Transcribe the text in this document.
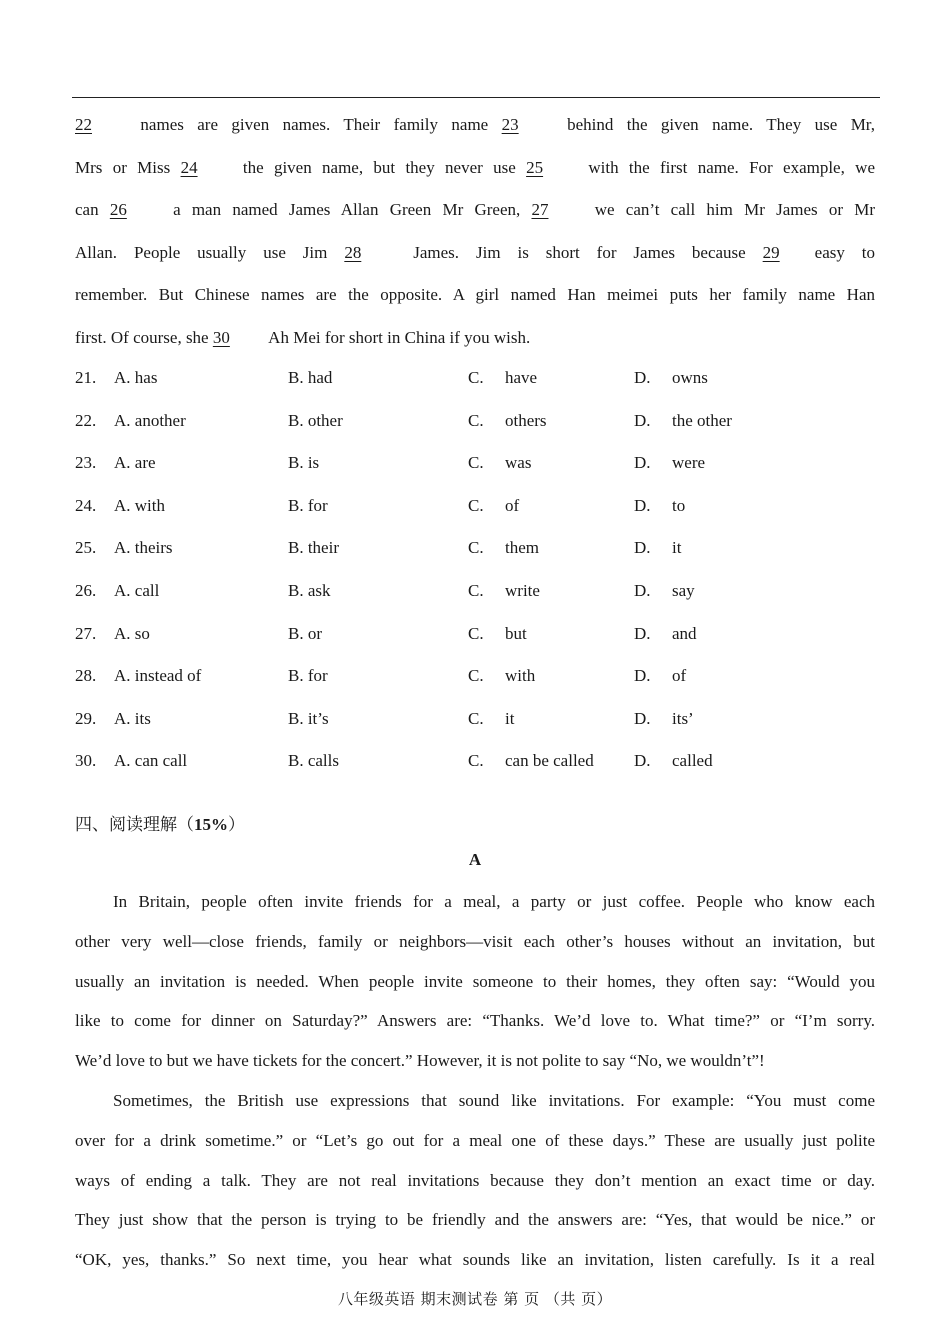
22	names are given names. Their family name 23	behind the given name. They use Mr,
Mrs or Miss 24	the given name, but they never use 25	with the first name. For example, we
can 26	a man named James Allan Green Mr Green, 27	we can’t call him Mr James or Mr
Allan. People usually use Jim 28	James. Jim is short for James because 29 easy to
remember. But Chinese names are the opposite. A girl named Han meimei puts her family name Han
first. Of course, she 30 Ah Mei for short in China if you wish.
21. A. has	B. had	C. have	D. owns
22. A. another	B. other	C. others	D. the other
23. A. are	B. is	C. was	D. were
24. A. with	B. for	C. of	D. to
25. A. theirs	B. their	C. them	D. it
26. A. call	B. ask	C. write	D. say
27. A. so	B. or	C. but	D. and
28. A. instead of	B. for	C. with	D. of
29. A. its	B. it’s	C. it	D. its’
30. A. can call	B. calls	C. can be called D. called
四、阅读理解（15%）
A
In Britain, people often invite friends for a meal, a party or just coffee. People who know each
other very well—close friends, family or neighbors—visit each other’s houses without an invitation, but
usually an invitation is needed. When people invite someone to their homes, they often say: “Would you
like to come for dinner on Saturday?” Answers are: “Thanks. We’d love to. What time?” or “I’m sorry.
We’d love to but we have tickets for the concert.” However, it is not polite to say “No, we wouldn’t”!
Sometimes, the British use expressions that sound like invitations. For example: “You must come
over for a drink sometime.” or “Let’s go out for a meal one of these days.” These are usually just polite
ways of ending a talk. They are not real invitations because they don’t mention an exact time or day.
They just show that the person is trying to be friendly and the answers are: “Yes, that would be nice.” or
“OK, yes, thanks.” So next time, you hear what sounds like an invitation, listen carefully. Is it a real
八年级英语 期末测试卷 第 页 （共 页）
